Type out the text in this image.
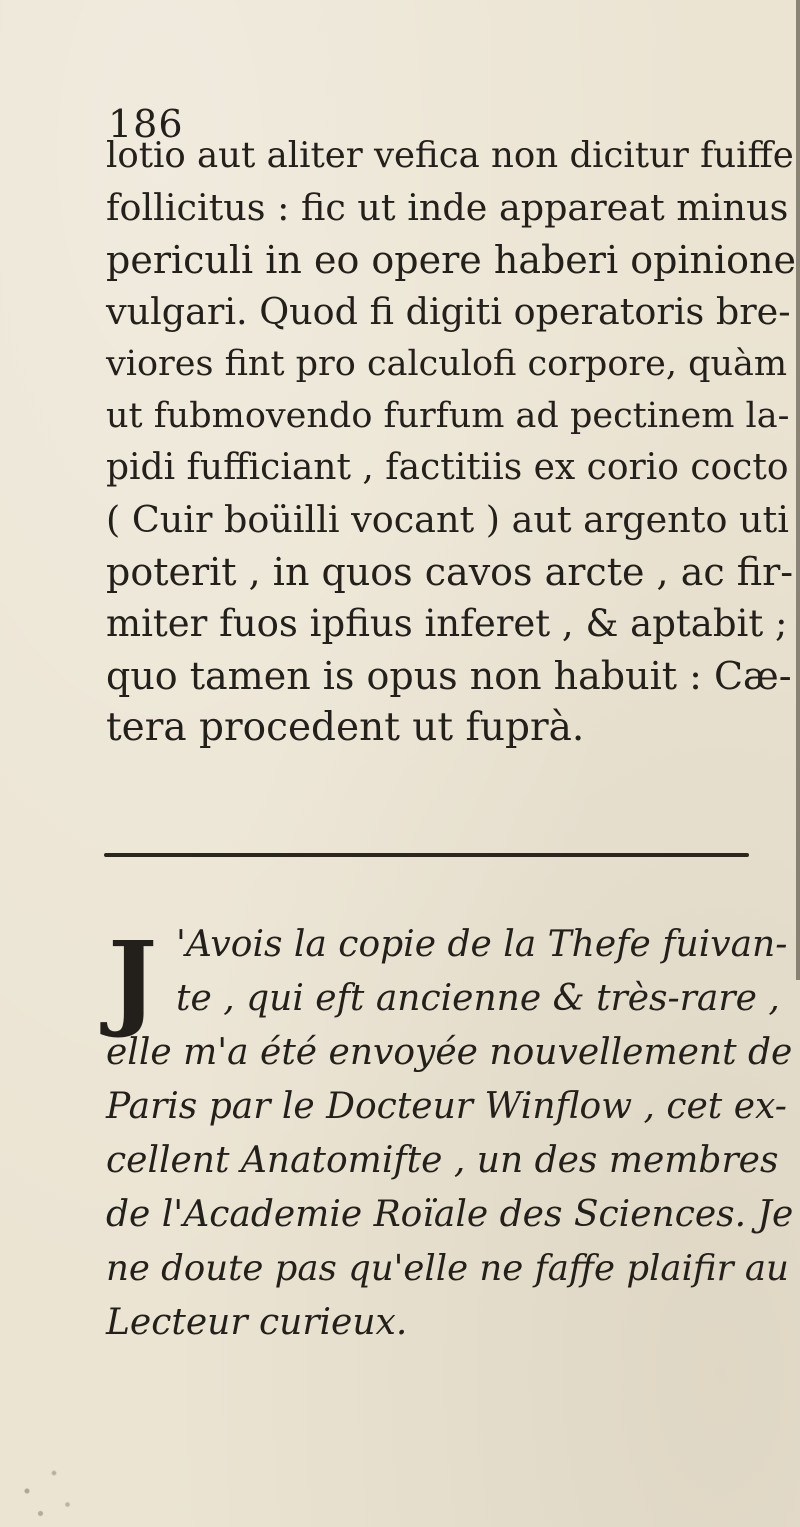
186
lotio aut aliter vefica non dicitur fuiffe
follicitus : fic ut inde appareat minus
periculi in eo opere haberi opinione
vulgari. Quod fi digiti operatoris bre-
viores fint pro calculofi corpore, quàm
ut fubmovendo furfum ad pectinem la-
pidi fufficiant , factitiis ex corio cocto
( Cuir boüilli vocant ) aut argento uti
poterit , in quos cavos arcte , ac fir-
miter fuos ipfius inferet , & aptabit ;
quo tamen is opus non habuit : Cæ-
tera procedent ut fuprà.
J 'Avois la copie de la Thefe fuivan-
te , qui eft ancienne & très-rare ,
elle m'a été envoyée nouvellement de
Paris par le Docteur Winflow , cet ex-
cellent Anatomifte , un des membres
de l'Academie Roïale des Sciences. Je
ne doute pas qu'elle ne faffe plaifir au
Lecteur curieux.
